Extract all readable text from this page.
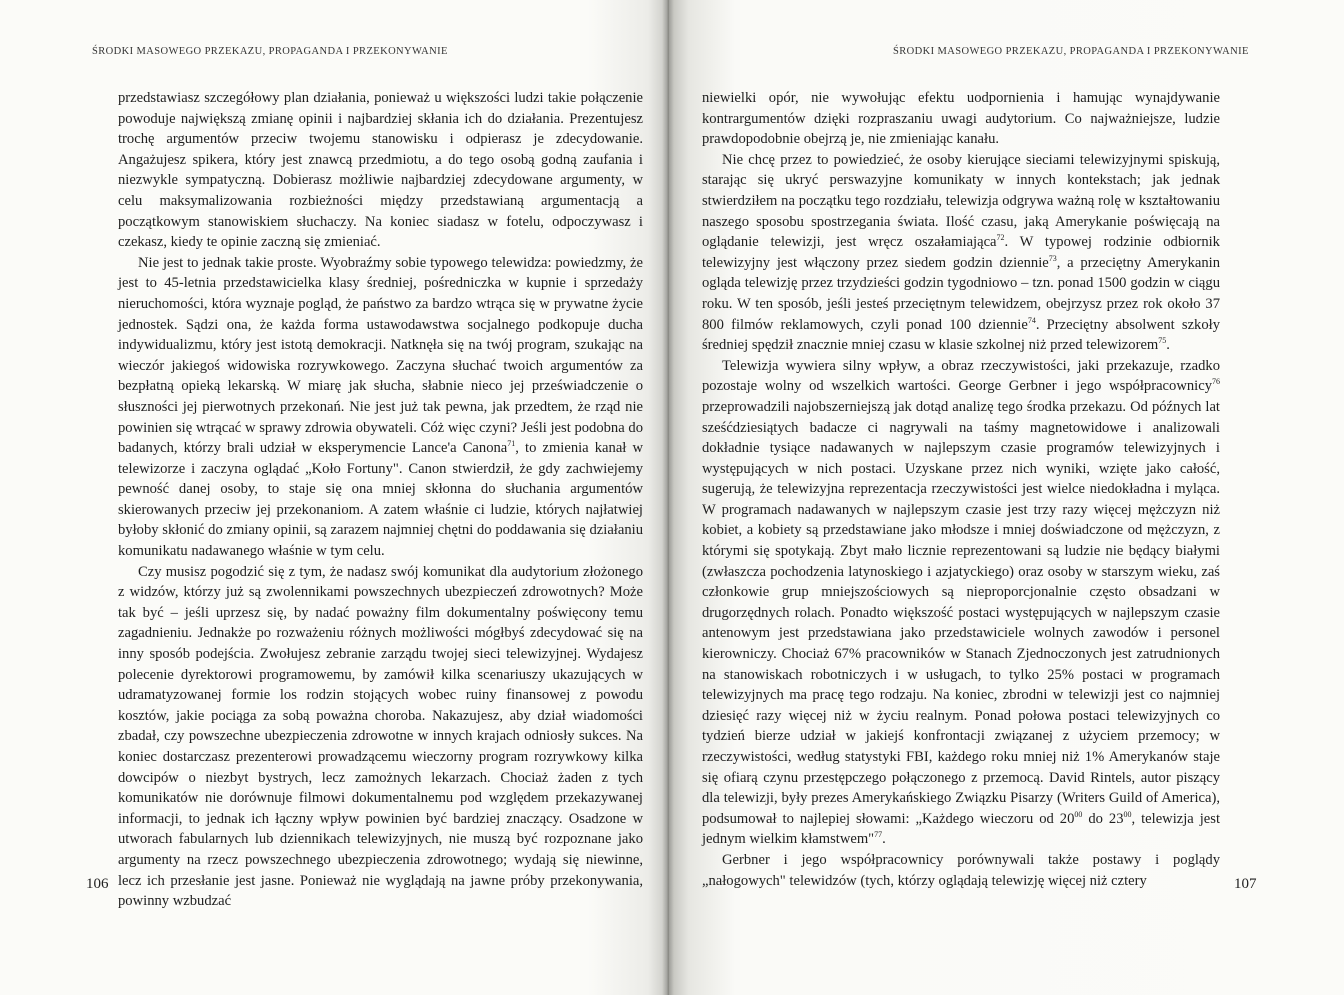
ŚRODKI MASOWEGO PRZEKAZU, PROPAGANDA I PRZEKONYWANIE

przedstawiasz szczegółowy plan działania, ponieważ u większości ludzi takie połączenie powoduje największą zmianę opinii i najbardziej skłania ich do działania. Prezentujesz trochę argumentów przeciw twojemu stanowisku i odpierasz je zdecydowanie. Angażujesz spikera, który jest znawcą przedmiotu, a do tego osobą godną zaufania i niezwykle sympatyczną. Dobierasz możliwie najbardziej zdecydowane argumenty, w celu maksymalizowania rozbieżności między przedstawianą argumentacją a początkowym stanowiskiem słuchaczy. Na koniec siadasz w fotelu, odpoczywasz i czekasz, kiedy te opinie zaczną się zmieniać.

Nie jest to jednak takie proste. Wyobraźmy sobie typowego telewidza: powiedzmy, że jest to 45-letnia przedstawicielka klasy średniej, pośredniczka w kupnie i sprzedaży nieruchomości, która wyznaje pogląd, że państwo za bardzo wtrąca się w prywatne życie jednostek. Sądzi ona, że każda forma ustawodawstwa socjalnego podkopuje ducha indywidualizmu, który jest istotą demokracji. Natknęła się na twój program, szukając na wieczór jakiegoś widowiska rozrywkowego. Zaczyna słuchać twoich argumentów za bezpłatną opieką lekarską. W miarę jak słucha, słabnie nieco jej przeświadczenie o słuszności jej pierwotnych przekonań. Nie jest już tak pewna, jak przedtem, że rząd nie powinien się wtrącać w sprawy zdrowia obywateli. Cóż więc czyni? Jeśli jest podobna do badanych, którzy brali udział w eksperymencie Lance'a Canona$^{71}$, to zmienia kanał w telewizorze i zaczyna oglądać „Koło Fortuny". Canon stwierdził, że gdy zachwiejemy pewność danej osoby, to staje się ona mniej skłonna do słuchania argumentów skierowanych przeciw jej przekonaniom. A zatem właśnie ci ludzie, których najłatwiej byłoby skłonić do zmiany opinii, są zarazem najmniej chętni do poddawania się działaniu komunikatu nadawanego właśnie w tym celu.

Czy musisz pogodzić się z tym, że nadasz swój komunikat dla audytorium złożonego z widzów, którzy już są zwolennikami powszechnych ubezpieczeń zdrowotnych? Może tak być – jeśli uprzesz się, by nadać poważny film dokumentalny poświęcony temu zagadnieniu. Jednakże po rozważeniu różnych możliwości mógłbyś zdecydować się na inny sposób podejścia. Zwołujesz zebranie zarządu twojej sieci telewizyjnej. Wydajesz polecenie dyrektorowi programowemu, by zamówił kilka scenariuszy ukazujących w udramatyzowanej formie los rodzin stojących wobec ruiny finansowej z powodu kosztów, jakie pociąga za sobą poważna choroba. Nakazujesz, aby dział wiadomości zbadał, czy powszechne ubezpieczenia zdrowotne w innych krajach odniosły sukces. Na koniec dostarczasz prezenterowi prowadzącemu wieczorny program rozrywkowy kilka dowcipów o niezbyt bystrych, lecz zamożnych lekarzach. Chociaż żaden z tych komunikatów nie dorównuje filmowi dokumentalnemu pod względem przekazywanej informacji, to jednak ich łączny wpływ powinien być bardziej znaczący. Osadzone w utworach fabularnych lub dziennikach telewizyjnych, nie muszą być rozpoznane jako argumenty na rzecz powszechnego ubezpieczenia zdrowotnego; wydają się niewinne, lecz ich przesłanie jest jasne. Ponieważ nie wyglądają na jawne próby przekonywania, powinny wzbudzać

106
ŚRODKI MASOWEGO PRZEKAZU, PROPAGANDA I PRZEKONYWANIE

niewielki opór, nie wywołując efektu uodpornienia i hamując wynajdywanie kontrargumentów dzięki rozpraszaniu uwagi audytorium. Co najważniejsze, ludzie prawdopodobnie obejrzą je, nie zmieniając kanału.

Nie chcę przez to powiedzieć, że osoby kierujące sieciami telewizyjnymi spiskują, starając się ukryć perswazyjne komunikaty w innych kontekstach; jak jednak stwierdziłem na początku tego rozdziału, telewizja odgrywa ważną rolę w kształtowaniu naszego sposobu spostrzegania świata. Ilość czasu, jaką Amerykanie poświęcają na oglądanie telewizji, jest wręcz oszałamiająca$^{72}$. W typowej rodzinie odbiornik telewizyjny jest włączony przez siedem godzin dziennie$^{73}$, a przeciętny Amerykanin ogląda telewizję przez trzydzieści godzin tygodniowo – tzn. ponad 1500 godzin w ciągu roku. W ten sposób, jeśli jesteś przeciętnym telewidzem, obejrzysz przez rok około 37 800 filmów reklamowych, czyli ponad 100 dziennie$^{74}$. Przeciętny absolwent szkoły średniej spędził znacznie mniej czasu w klasie szkolnej niż przed telewizorem$^{75}$.

Telewizja wywiera silny wpływ, a obraz rzeczywistości, jaki przekazuje, rzadko pozostaje wolny od wszelkich wartości. George Gerbner i jego współpracownicy$^{76}$ przeprowadzili najobszerniejszą jak dotąd analizę tego środka przekazu. Od późnych lat sześćdziesiątych badacze ci nagrywali na taśmy magnetowidowe i analizowali dokładnie tysiące nadawanych w najlepszym czasie programów telewizyjnych i występujących w nich postaci. Uzyskane przez nich wyniki, wzięte jako całość, sugerują, że telewizyjna reprezentacja rzeczywistości jest wielce niedokładna i myląca. W programach nadawanych w najlepszym czasie jest trzy razy więcej mężczyzn niż kobiet, a kobiety są przedstawiane jako młodsze i mniej doświadczone od mężczyzn, z którymi się spotykają. Zbyt mało licznie reprezentowani są ludzie nie będący białymi (zwłaszcza pochodzenia latynoskiego i azjatyckiego) oraz osoby w starszym wieku, zaś członkowie grup mniejszościowych są nieproporcjonalnie często obsadzani w drugorzędnych rolach. Ponadto większość postaci występujących w najlepszym czasie antenowym jest przedstawiana jako przedstawiciele wolnych zawodów i personel kierowniczy. Chociaż 67% pracowników w Stanach Zjednoczonych jest zatrudnionych na stanowiskach robotniczych i w usługach, to tylko 25% postaci w programach telewizyjnych ma pracę tego rodzaju. Na koniec, zbrodni w telewizji jest co najmniej dziesięć razy więcej niż w życiu realnym. Ponad połowa postaci telewizyjnych co tydzień bierze udział w jakiejś konfrontacji związanej z użyciem przemocy; w rzeczywistości, według statystyki FBI, każdego roku mniej niż 1% Amerykanów staje się ofiarą czynu przestępczego połączonego z przemocą. David Rintels, autor piszący dla telewizji, były prezes Amerykańskiego Związku Pisarzy (Writers Guild of America), podsumował to najlepiej słowami: „Każdego wieczoru od $20^{00}$ do $23^{00}$, telewizja jest jednym wielkim kłamstwem"$^{77}$.

Gerbner i jego współpracownicy porównywali także postawy i poglądy „nałogowych" telewidzów (tych, którzy oglądają telewizję więcej niż cztery	107
